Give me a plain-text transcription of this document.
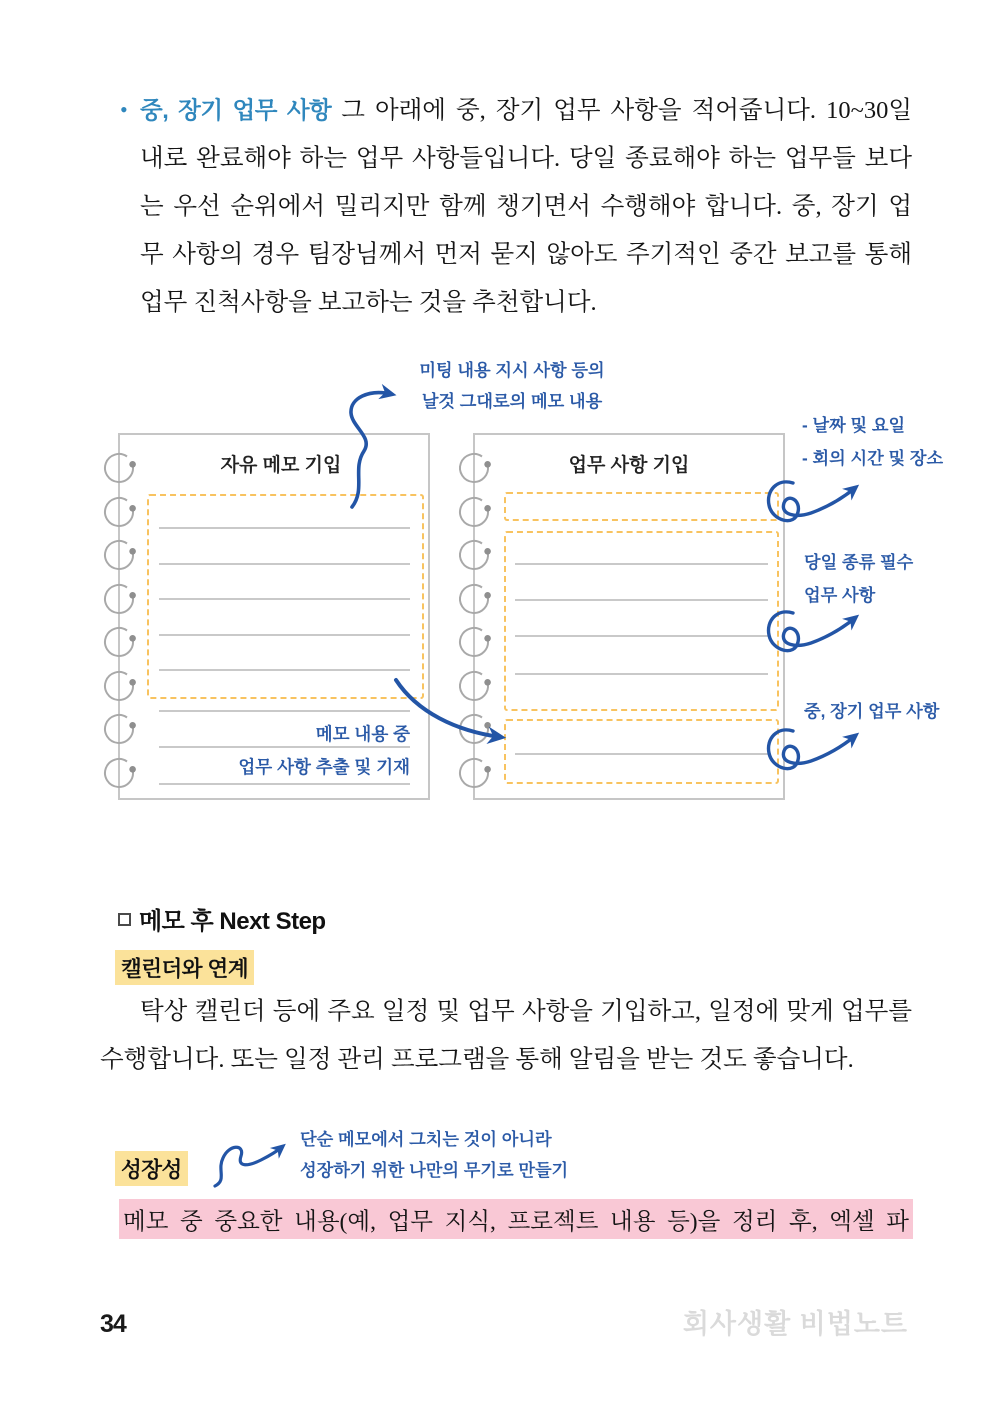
• 중, 장기 업무 사항 그 아래에 중, 장기 업무 사항을 적어줍니다. 10~30일
내로 완료해야 하는 업무 사항들입니다. 당일 종료해야 하는 업무들 보다
는 우선 순위에서 밀리지만 함께 챙기면서 수행해야 합니다. 중, 장기 업
무 사항의 경우 팀장님께서 먼저 묻지 않아도 주기적인 중간 보고를 통해
업무 진척사항을 보고하는 것을 추천합니다.
미팅 내용 지시 사항 등의
날것 그대로의 메모 내용
- 날짜 및 요일
- 회의 시간 및 장소
당일 종류 필수
업무 사항
중, 장기 업무 사항
자유 메모 기입
메모 내용 중
업무 사항 추출 및 기재
업무 사항 기입
메모 후 Next Step
캘린더와 연계
탁상 캘린더 등에 주요 일정 및 업무 사항을 기입하고, 일정에 맞게 업무를
수행합니다. 또는 일정 관리 프로그램을 통해 알림을 받는 것도 좋습니다.
성장성
단순 메모에서 그치는 것이 아니라
성장하기 위한 나만의 무기로 만들기
메모 중 중요한 내용(예, 업무 지식, 프로젝트 내용 등)을 정리 후, 엑셀 파
34	회사생활 비법노트
